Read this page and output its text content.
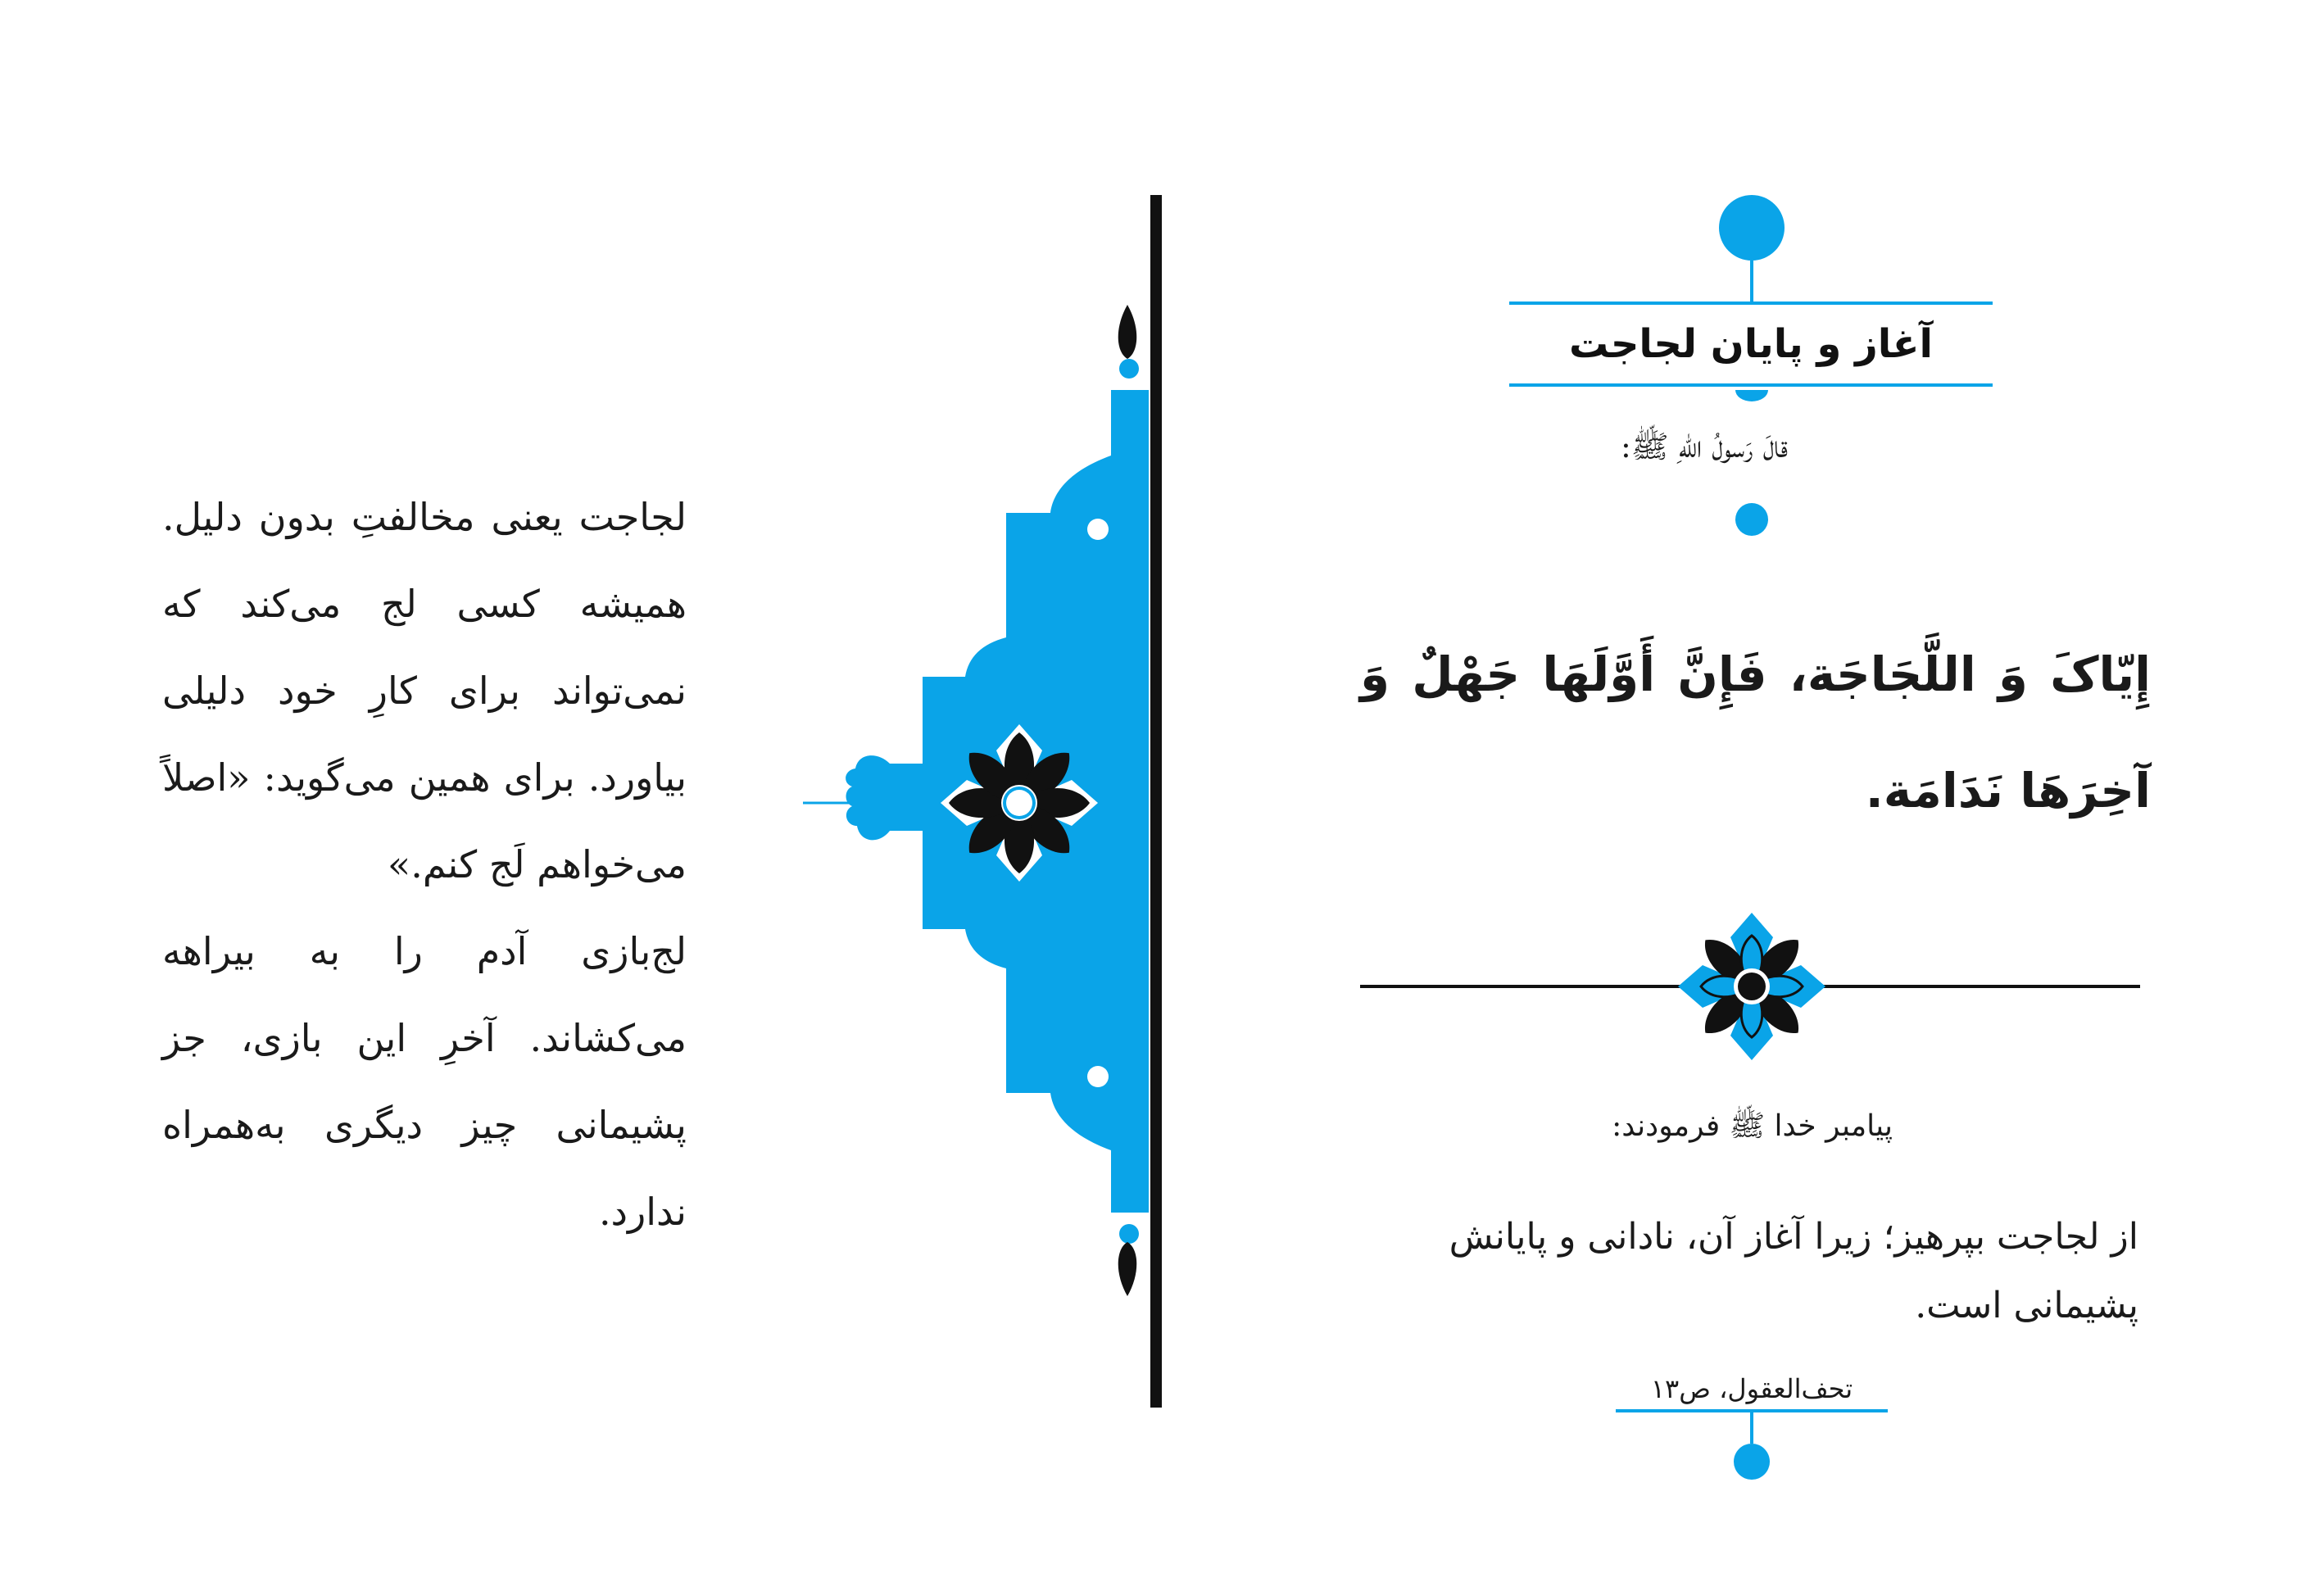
لجاجت یعنی مخالفتِ بدون دلیل. همیشه کسی لج می‌کند که نمی‌تواند برای کارِ خود دلیلی بیاورد. برای همین می‌گوید: «اصلاً می‌خواهم لَج کنم.»

لج‌بازی آدم را به بیراهه می‌کشاند. آخرِ این بازی، جز پشیمانی چیز دیگری به‌همراه ندارد.

آغاز و پایان لجاجت
قالَ رَسولُ اللهِ ﷺ:
إِیّاکَ وَ اللَّجَاجَة، فَإِنَّ أَوَّلَهَا جَهْلٌ وَ آخِرَهَا نَدَامَة.
پیامبر خدا ﷺ فرمودند:
از لجاجت بپرهیز؛ زیرا آغاز آن، نادانی و پایانش پشیمانی است.
تحف‌العقول، ص۱۳
